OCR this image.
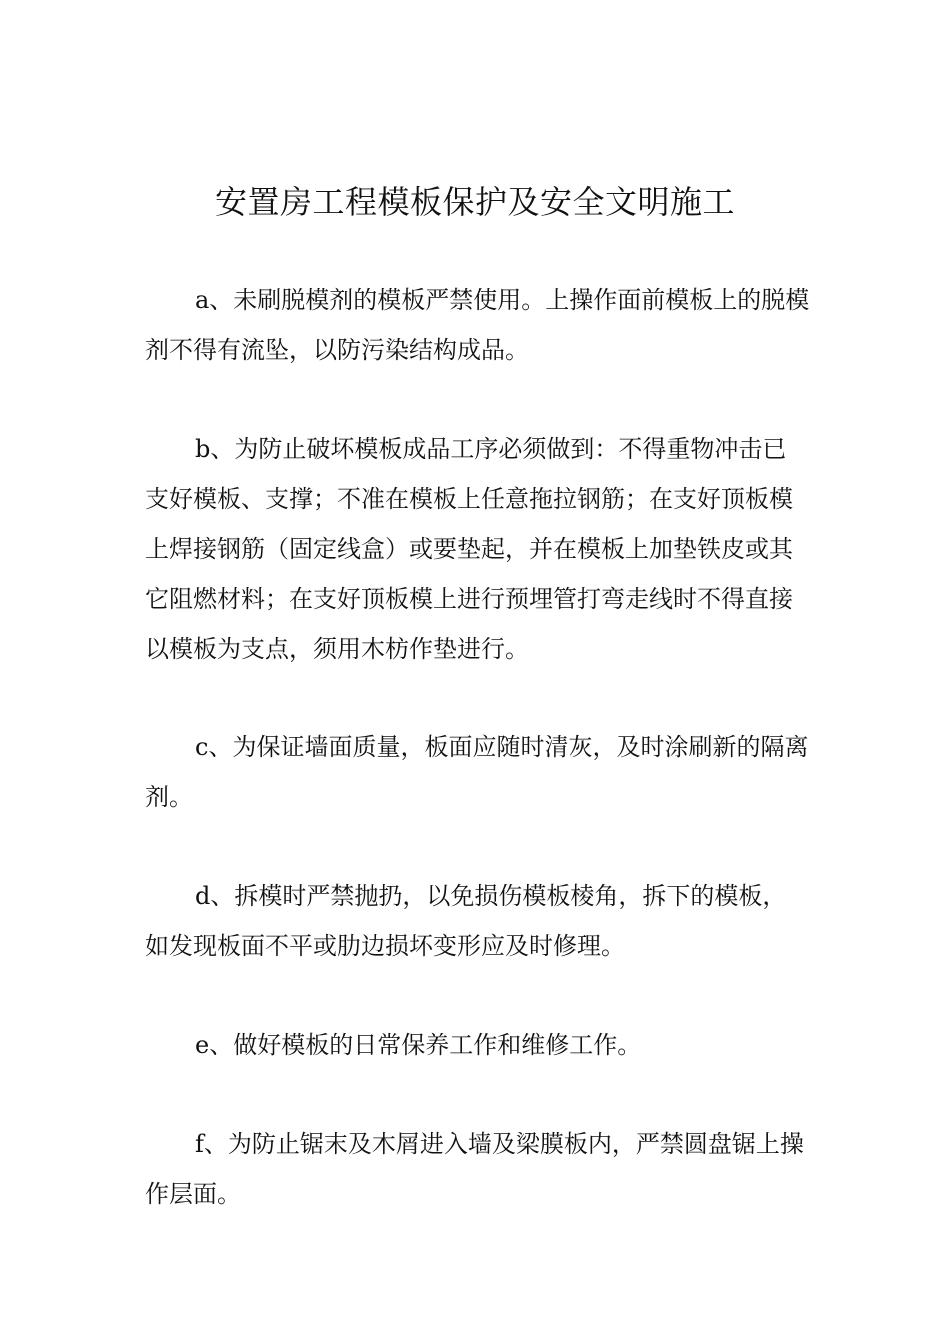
安置房工程模板保护及安全文明施工

a、未刷脱模剂的模板严禁使用。上操作面前模板上的脱模剂不得有流坠，以防污染结构成品。

b、为防止破坏模板成品工序必须做到：不得重物冲击已支好模板、支撑；不准在模板上任意拖拉钢筋；在支好顶板模上焊接钢筋（固定线盒）或要垫起，并在模板上加垫铁皮或其它阻燃材料；在支好顶板模上进行预埋管打弯走线时不得直接以模板为支点，须用木枋作垫进行。

c、为保证墙面质量，板面应随时清灰，及时涂刷新的隔离剂。

d、拆模时严禁抛扔，以免损伤模板棱角，拆下的模板，如发现板面不平或肋边损坏变形应及时修理。

e、做好模板的日常保养工作和维修工作。

f、为防止锯末及木屑进入墙及梁膜板内，严禁圆盘锯上操作层面。
